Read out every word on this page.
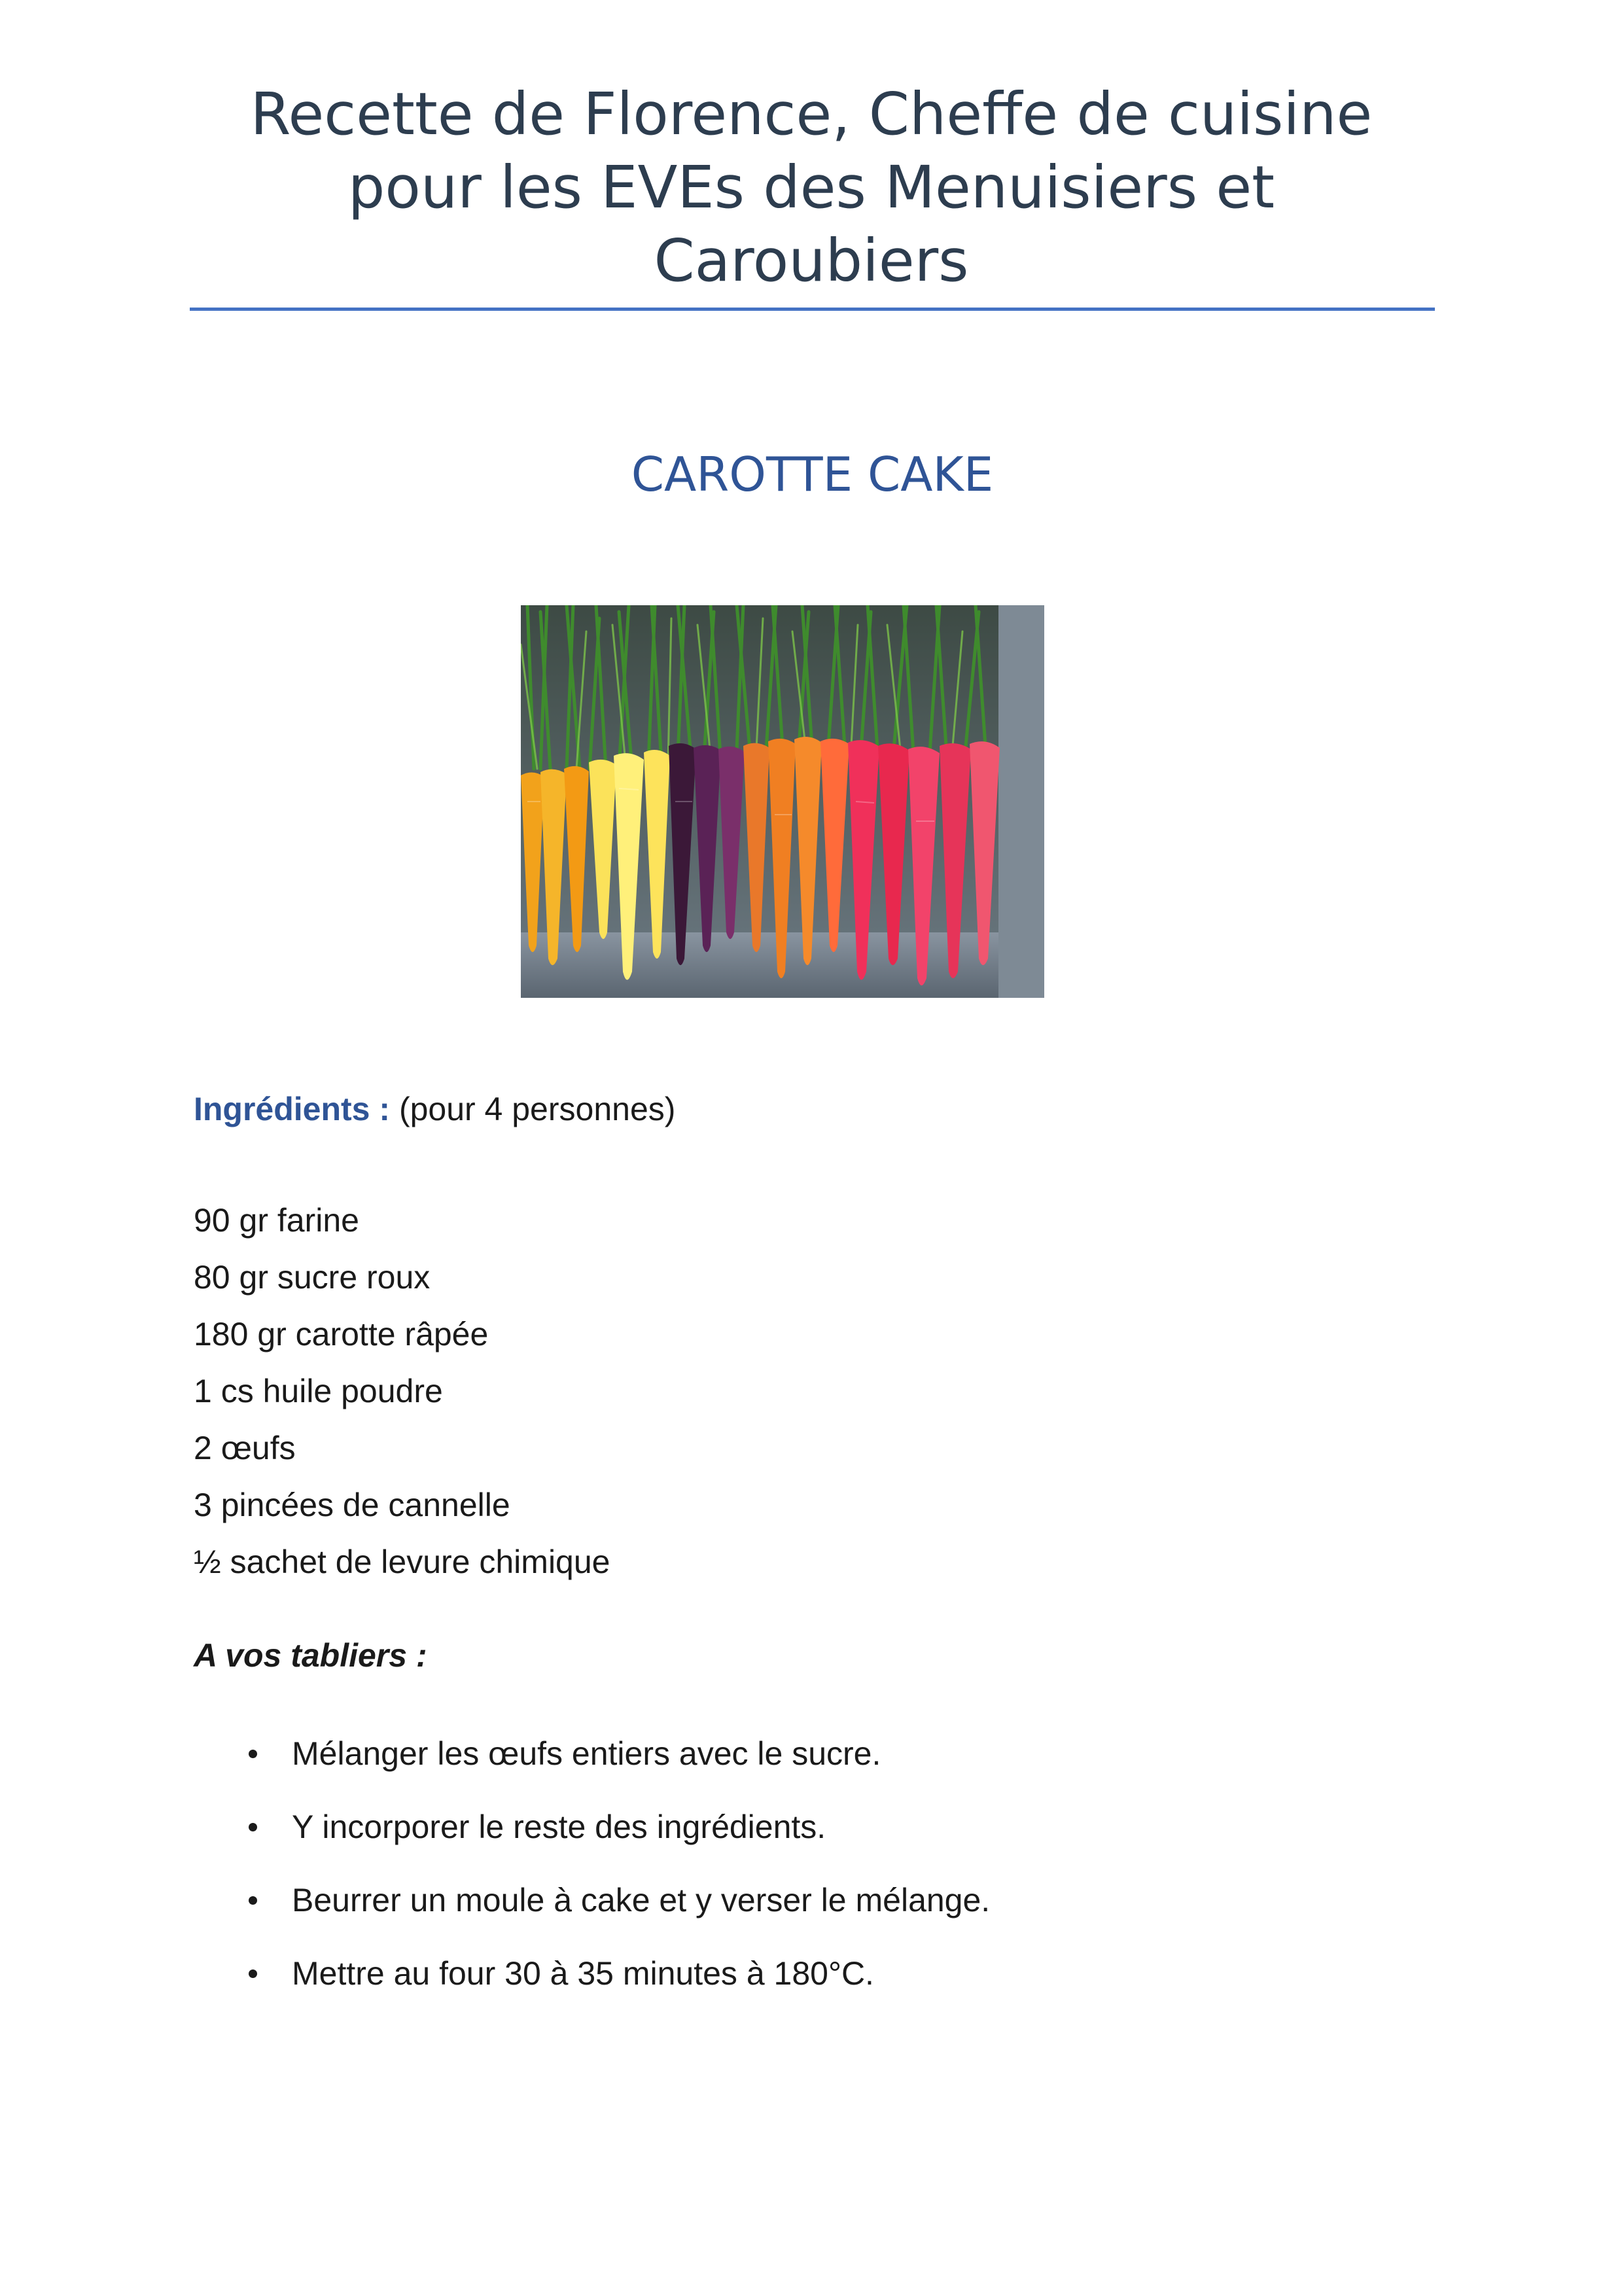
Recette de Florence, Cheffe de cuisine
pour les EVEs des Menuisiers et
Caroubiers
CAROTTE CAKE
Ingrédients : (pour 4 personnes)
90 gr farine
80 gr sucre roux
180 gr carotte râpée
1 cs huile poudre
2 œufs
3 pincées de cannelle
½ sachet de levure chimique
A vos tabliers :
Mélanger les œufs entiers avec le sucre.
Y incorporer le reste des ingrédients.
Beurrer un moule à cake et y verser le mélange.
Mettre au four 30 à 35 minutes à 180°C.
